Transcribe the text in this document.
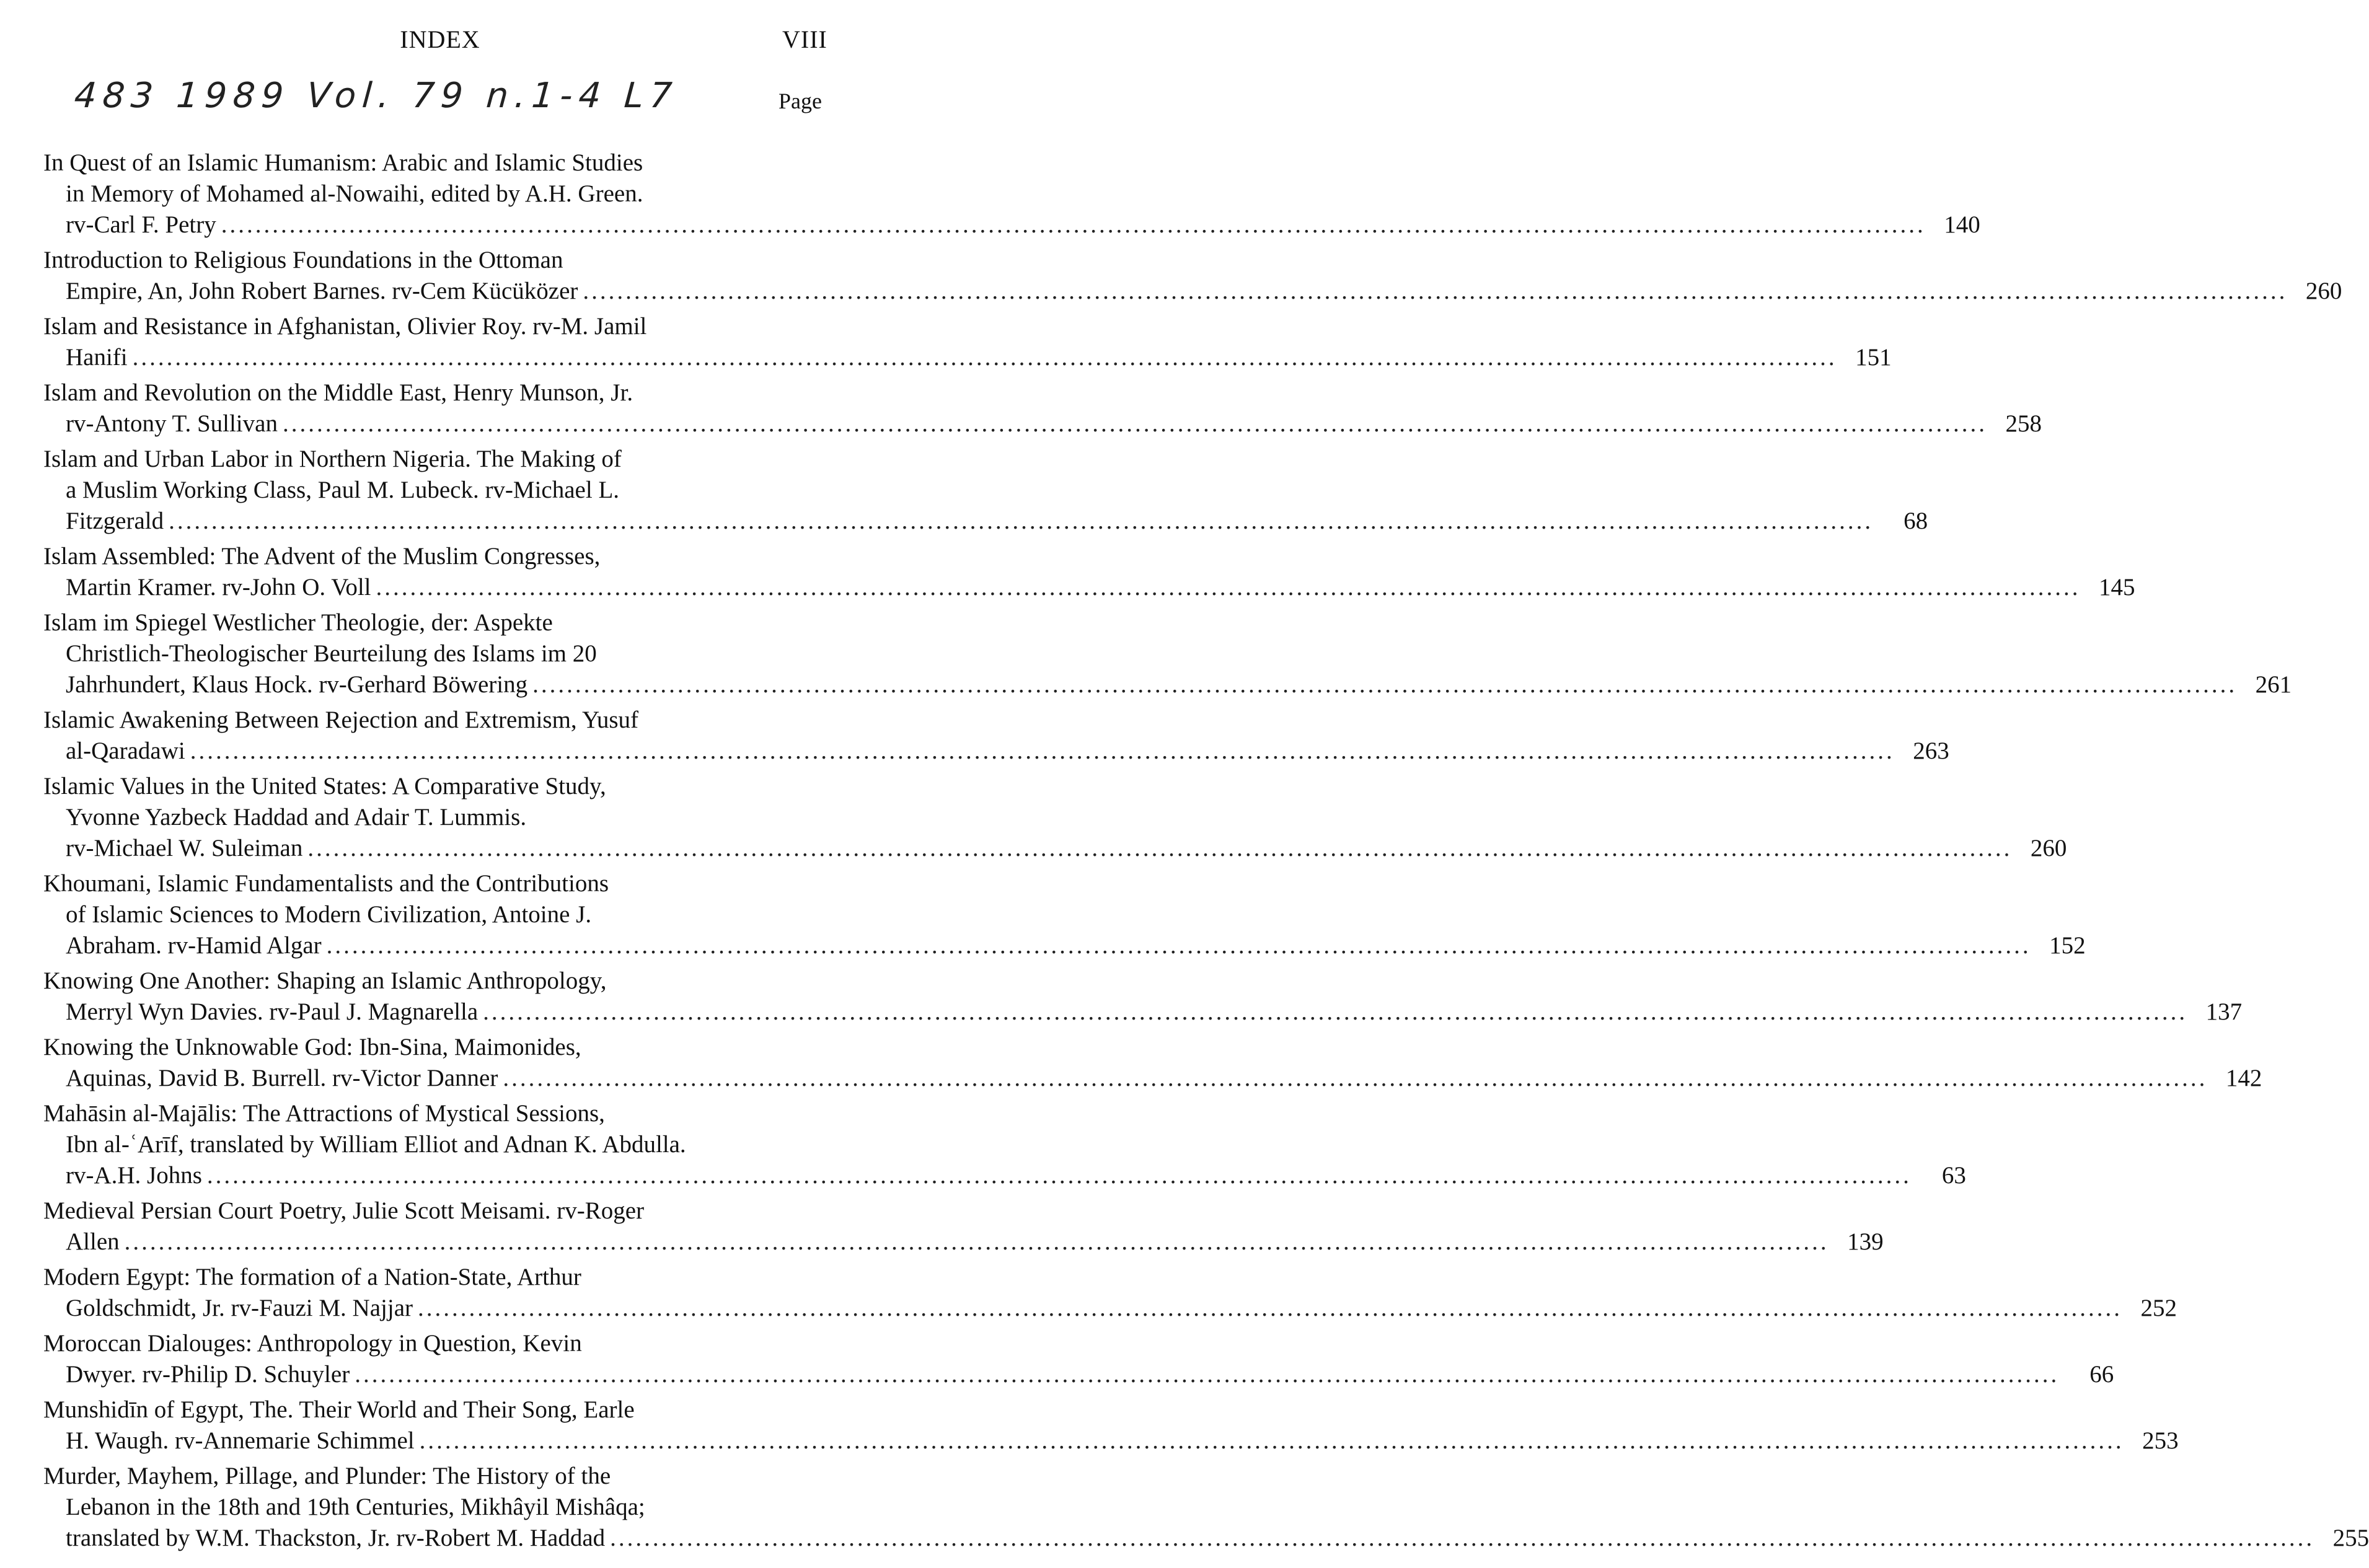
INDEX	VIII
483 1989 Vol. 79 n.1-4 L7	Page
In Quest of an Islamic Humanism: Arabic and Islamic Studies
in Memory of Mohamed al-Nowaihi, edited by A.H. Green.
rv-Carl F. Petry ........................................................................................................................................................................................................ 140
Introduction to Religious Foundations in the Ottoman
Empire, An, John Robert Barnes. rv-Cem Kücüközer ........................................................................................................................................................................................................ 260
Islam and Resistance in Afghanistan, Olivier Roy. rv-M. Jamil
Hanifi ........................................................................................................................................................................................................ 151
Islam and Revolution on the Middle East, Henry Munson, Jr.
rv-Antony T. Sullivan ........................................................................................................................................................................................................ 258
Islam and Urban Labor in Northern Nigeria. The Making of
a Muslim Working Class, Paul M. Lubeck. rv-Michael L.
Fitzgerald ........................................................................................................................................................................................................	68
Islam Assembled: The Advent of the Muslim Congresses,
Martin Kramer. rv-John O. Voll ........................................................................................................................................................................................................ 145
Islam im Spiegel Westlicher Theologie, der: Aspekte
Christlich-Theologischer Beurteilung des Islams im 20
Jahrhundert, Klaus Hock. rv-Gerhard Böwering ........................................................................................................................................................................................................ 261
Islamic Awakening Between Rejection and Extremism, Yusuf
al-Qaradawi ........................................................................................................................................................................................................ 263
Islamic Values in the United States: A Comparative Study,
Yvonne Yazbeck Haddad and Adair T. Lummis.
rv-Michael W. Suleiman ........................................................................................................................................................................................................ 260
Khoumani, Islamic Fundamentalists and the Contributions
of Islamic Sciences to Modern Civilization, Antoine J.
Abraham. rv-Hamid Algar ........................................................................................................................................................................................................ 152
Knowing One Another: Shaping an Islamic Anthropology,
Merryl Wyn Davies. rv-Paul J. Magnarella ........................................................................................................................................................................................................ 137
Knowing the Unknowable God: Ibn-Sina, Maimonides,
Aquinas, David B. Burrell. rv-Victor Danner ........................................................................................................................................................................................................ 142
Mahāsin al-Majālis: The Attractions of Mystical Sessions,
Ibn al-ʿArīf, translated by William Elliot and Adnan K. Abdulla.
rv-A.H. Johns ........................................................................................................................................................................................................	63
Medieval Persian Court Poetry, Julie Scott Meisami. rv-Roger
Allen ........................................................................................................................................................................................................ 139
Modern Egypt: The formation of a Nation-State, Arthur
Goldschmidt, Jr. rv-Fauzi M. Najjar ........................................................................................................................................................................................................ 252
Moroccan Dialouges: Anthropology in Question, Kevin
Dwyer. rv-Philip D. Schuyler ........................................................................................................................................................................................................	66
Munshidīn of Egypt, The. Their World and Their Song, Earle
H. Waugh. rv-Annemarie Schimmel ........................................................................................................................................................................................................ 253
Murder, Mayhem, Pillage, and Plunder: The History of the
Lebanon in the 18th and 19th Centuries, Mikhâyil Mishâqa;
translated by W.M. Thackston, Jr. rv-Robert M. Haddad ........................................................................................................................................................................................................ 255
